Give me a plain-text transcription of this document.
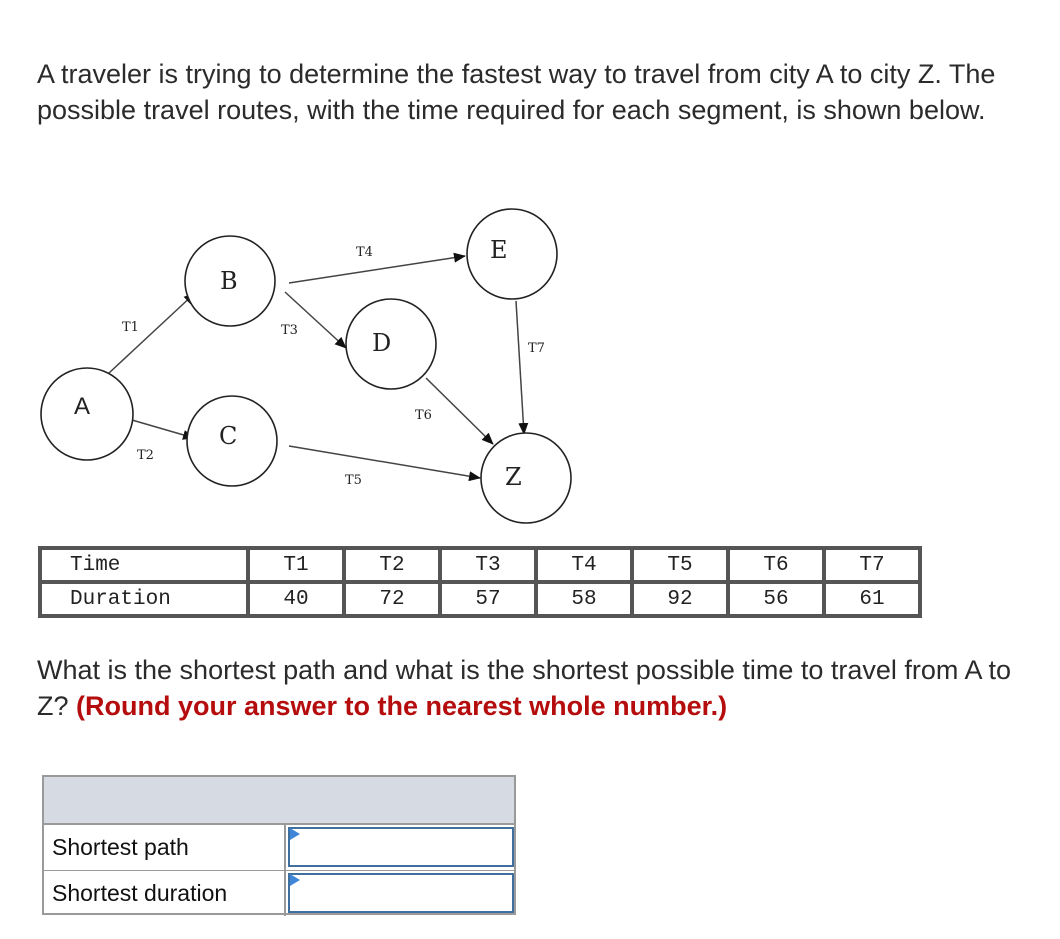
A traveler is trying to determine the fastest way to travel from city A to city Z. The possible travel routes, with the time required for each segment, is shown below.

A
B
C
D
E
Z
T1
T2
T3
T4
T5
T6
T7
Time	T1	T2	T3	T4	T5	T6	T7
Duration	40	72	57	58	92	56	61

What is the shortest path and what is the shortest possible time to travel from A to Z? (Round your answer to the nearest whole number.)

Shortest path
Shortest duration
